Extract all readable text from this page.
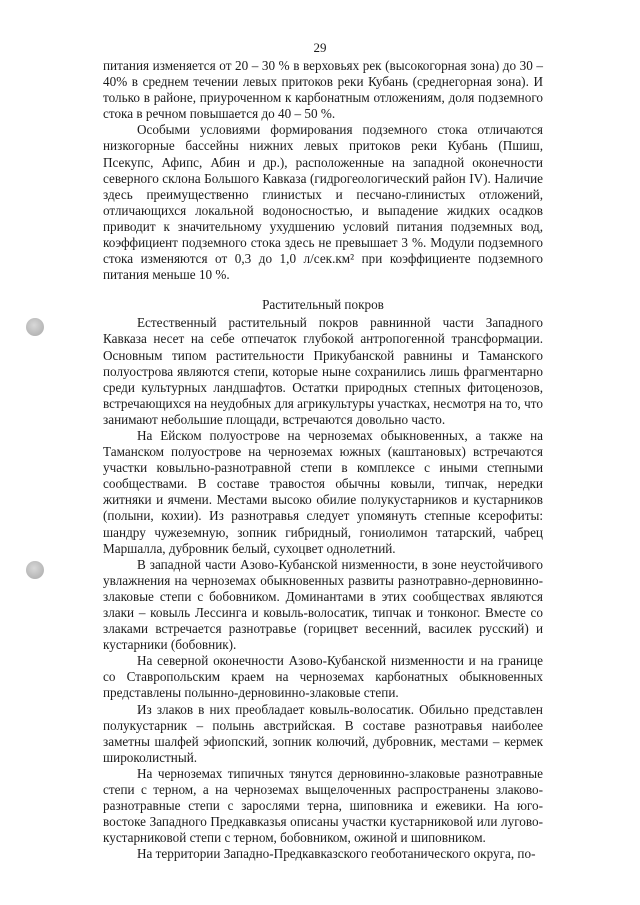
29

питания изменяется от 20 – 30 % в верховьях рек (высокогорная зона) до 30 – 40% в среднем течении левых притоков реки Кубань (среднегорная зона). И только в районе, приуроченном к карбонатным отложениям, доля подземного стока в речном повышается до 40 – 50 %.

Особыми условиями формирования подземного стока отличаются низкогорные бассейны нижних левых притоков реки Кубань (Пшиш, Псекупс, Афипс, Абин и др.), расположенные на западной оконечности северного склона Большого Кавказа (гидрогеологический район IV). Наличие здесь преимущественно глинистых и песчано-глинистых отложений, отличающихся локальной водоносностью, и выпадение жидких осадков приводит к значительному ухудшению условий питания подземных вод, коэффициент подземного стока здесь не превышает 3 %. Модули подземного стока изменяются от 0,3 до 1,0 л/сек.км² при коэффициенте подземного питания меньше 10 %.

Растительный покров

Естественный растительный покров равнинной части Западного Кавказа несет на себе отпечаток глубокой антропогенной трансформации. Основным типом растительности Прикубанской равнины и Таманского полуострова являются степи, которые ныне сохранились лишь фрагментарно среди культурных ландшафтов. Остатки природных степных фитоценозов, встречающихся на неудобных для агрикультуры участках, несмотря на то, что занимают небольшие площади, встречаются довольно часто.

На Ейском полуострове на черноземах обыкновенных, а также на Таманском полуострове на черноземах южных (каштановых) встречаются участки ковыльно-разнотравной степи в комплексе с иными степными сообществами. В составе травостоя обычны ковыли, типчак, нередки житняки и ячмени. Местами высоко обилие полукустарников и кустарников (полыни, кохии). Из разнотравья следует упомянуть степные ксерофиты: шандру чужеземную, зопник гибридный, гониолимон татарский, чабрец Маршалла, дубровник белый, сухоцвет однолетний.

В западной части Азово-Кубанской низменности, в зоне неустойчивого увлажнения на черноземах обыкновенных развиты разнотравно-дерновинно-злаковые степи с бобовником. Доминантами в этих сообществах являются злаки – ковыль Лессинга и ковыль-волосатик, типчак и тонконог. Вместе со злаками встречается разнотравье (горицвет весенний, василек русский) и кустарники (бобовник).

На северной оконечности Азово-Кубанской низменности и на границе со Ставропольским краем на черноземах карбонатных обыкновенных представлены полынно-дерновинно-злаковые степи.

Из злаков в них преобладает ковыль-волосатик. Обильно представлен полукустарник – полынь австрийская. В составе разнотравья наиболее заметны шалфей эфиопский, зопник колючий, дубровник, местами – кермек широколистный.

На черноземах типичных тянутся дерновинно-злаковые разнотравные степи с терном, а на черноземах выщелоченных распространены злаково-разнотравные степи с зарослями терна, шиповника и ежевики. На юго-востоке Западного Предкавказья описаны участки кустарниковой или лугово-кустарниковой степи с терном, бобовником, ожиной и шиповником.

На территории Западно-Предкавказского геоботанического округа, по-
